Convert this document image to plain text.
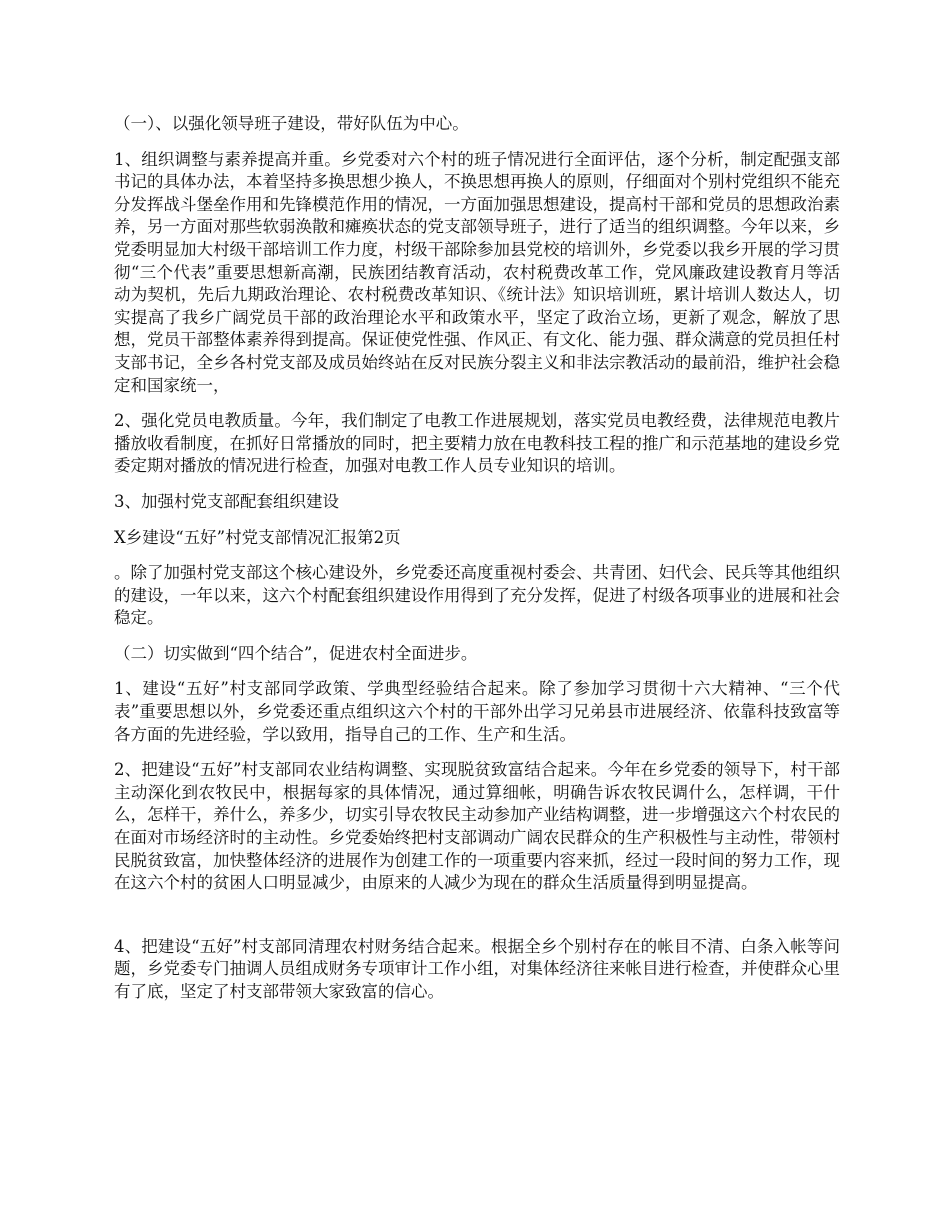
（一）、以强化领导班子建设，带好队伍为中心。

1、组织调整与素养提高并重。乡党委对六个村的班子情况进行全面评估，逐个分析，制定配强支部书记的具体办法，本着坚持多换思想少换人，不换思想再换人的原则，仔细面对个别村党组织不能充分发挥战斗堡垒作用和先锋模范作用的情况，一方面加强思想建设，提高村干部和党员的思想政治素养，另一方面对那些软弱涣散和瘫痪状态的党支部领导班子，进行了适当的组织调整。今年以来，乡党委明显加大村级干部培训工作力度，村级干部除参加县党校的培训外，乡党委以我乡开展的学习贯彻“三个代表”重要思想新高潮，民族团结教育活动，农村税费改革工作，党风廉政建设教育月等活动为契机，先后九期政治理论、农村税费改革知识、《统计法》知识培训班，累计培训人数达人，切实提高了我乡广阔党员干部的政治理论水平和政策水平，坚定了政治立场，更新了观念，解放了思想，党员干部整体素养得到提高。保证使党性强、作风正、有文化、能力强、群众满意的党员担任村支部书记，全乡各村党支部及成员始终站在反对民族分裂主义和非法宗教活动的最前沿，维护社会稳定和国家统一，

2、强化党员电教质量。今年，我们制定了电教工作进展规划，落实党员电教经费，法律规范电教片播放收看制度，在抓好日常播放的同时，把主要精力放在电教科技工程的推广和示范基地的建设乡党委定期对播放的情况进行检查，加强对电教工作人员专业知识的培训。

3、加强村党支部配套组织建设

X乡建设“五好”村党支部情况汇报第2页

。除了加强村党支部这个核心建设外，乡党委还高度重视村委会、共青团、妇代会、民兵等其他组织的建设，一年以来，这六个村配套组织建设作用得到了充分发挥，促进了村级各项事业的进展和社会稳定。

（二）切实做到“四个结合”，促进农村全面进步。

1、建设“五好”村支部同学政策、学典型经验结合起来。除了参加学习贯彻十六大精神、“三个代表”重要思想以外，乡党委还重点组织这六个村的干部外出学习兄弟县市进展经济、依靠科技致富等各方面的先进经验，学以致用，指导自己的工作、生产和生活。

2、把建设“五好”村支部同农业结构调整、实现脱贫致富结合起来。今年在乡党委的领导下，村干部主动深化到农牧民中，根据每家的具体情况，通过算细帐，明确告诉农牧民调什么，怎样调，干什么，怎样干，养什么，养多少，切实引导农牧民主动参加产业结构调整，进一步增强这六个村农民的在面对市场经济时的主动性。乡党委始终把村支部调动广阔农民群众的生产积极性与主动性，带领村民脱贫致富，加快整体经济的进展作为创建工作的一项重要内容来抓，经过一段时间的努力工作，现在这六个村的贫困人口明显减少，由原来的人减少为现在的群众生活质量得到明显提高。

4、把建设“五好”村支部同清理农村财务结合起来。根据全乡个别村存在的帐目不清、白条入帐等问题，乡党委专门抽调人员组成财务专项审计工作小组，对集体经济往来帐目进行检查，并使群众心里有了底，坚定了村支部带领大家致富的信心。
